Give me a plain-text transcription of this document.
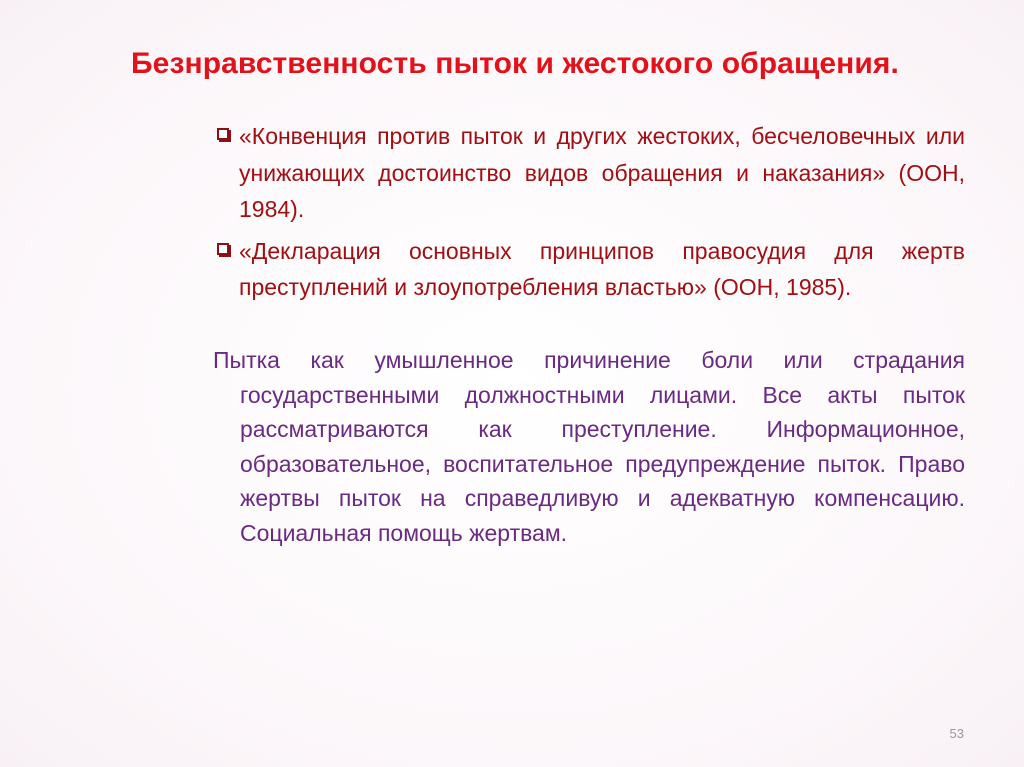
Безнравственность пыток и жестокого обращения.
«Конвенция против пыток и других жестоких, бесчеловечных или унижающих достоинство видов обращения и наказания» (ООН, 1984).
«Декларация основных принципов правосудия для жертв преступлений и злоупотребления властью» (ООН, 1985).
Пытка как умышленное причинение боли или страдания государственными должностными лицами. Все акты пыток рассматриваются как преступление. Информационное, образовательное, воспитательное предупреждение пыток. Право жертвы пыток на справедливую и адекватную компенсацию. Социальная помощь жертвам.
53
